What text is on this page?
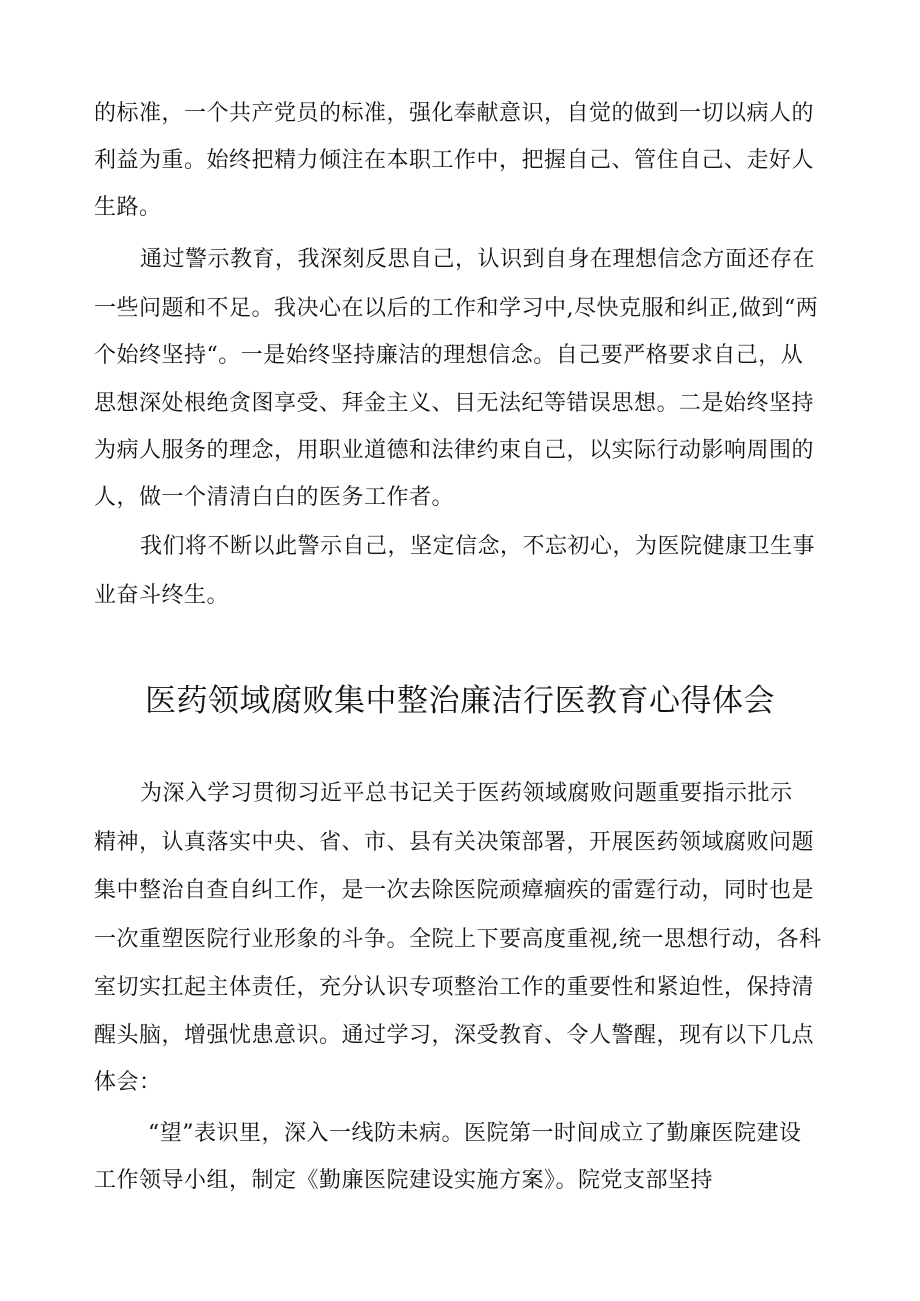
的标准，一个共产党员的标准，强化奉献意识，自觉的做到一切以病人的
利益为重。始终把精力倾注在本职工作中，把握自己、管住自己、走好人
生路。
通过警示教育，我深刻反思自己，认识到自身在理想信念方面还存在
一些问题和不足。我决心在以后的工作和学习中,尽快克服和纠正,做到“两
个始终坚持“。一是始终坚持廉洁的理想信念。自己要严格要求自己，从
思想深处根绝贪图享受、拜金主义、目无法纪等错误思想。二是始终坚持
为病人服务的理念，用职业道德和法律约束自己，以实际行动影响周围的
人，做一个清清白白的医务工作者。
我们将不断以此警示自己，坚定信念，不忘初心，为医院健康卫生事
业奋斗终生。
医药领域腐败集中整治廉洁行医教育心得体会
为深入学习贯彻习近平总书记关于医药领域腐败问题重要指示批示
精神，认真落实中央、省、市、县有关决策部署，开展医药领域腐败问题
集中整治自查自纠工作，是一次去除医院顽瘴痼疾的雷霆行动，同时也是
一次重塑医院行业形象的斗争。全院上下要高度重视,统一思想行动，各科
室切实扛起主体责任，充分认识专项整治工作的重要性和紧迫性，保持清
醒头脑，增强忧患意识。通过学习，深受教育、令人警醒，现有以下几点
体会：
“望”表识里，深入一线防未病。医院第一时间成立了勤廉医院建设
工作领导小组，制定《勤廉医院建设实施方案》。院党支部坚持
